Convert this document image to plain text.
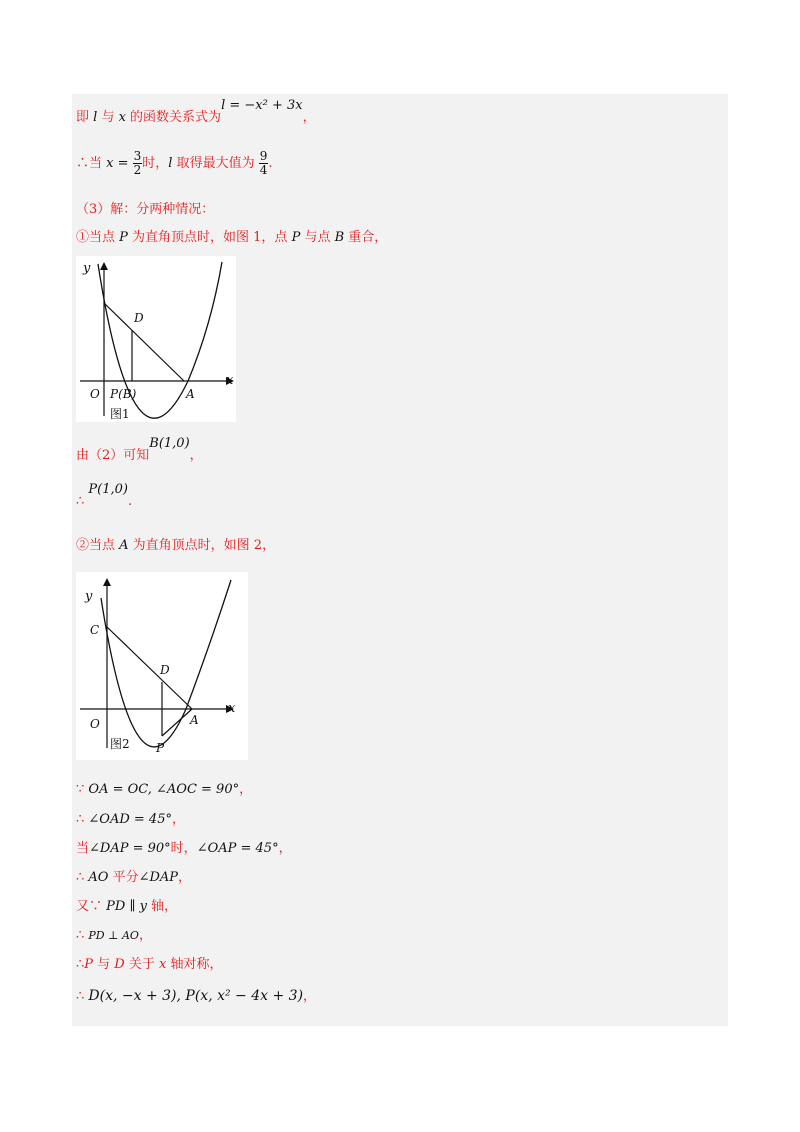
即 l 与 x 的函数关系式为l = −x² + 3x，
∴当 $x = \frac{3}{2}$ 时，l 取得最大值为 $\frac{9}{4}$ .
（3）解：分两种情况：
①当点 P 为直角顶点时，如图 1，点 P 与点 B 重合，
y
x
O P(B)	A
D
图1
由（2）可知B(1,0)，
∴ P(1,0).
②当点 A 为直角顶点时，如图 2，
y
x
O
C
D
A
P
图2
∵ OA = OC, ∠AOC = 90°，
∴ ∠OAD = 45°，
当∠DAP = 90°时，∠OAP = 45°，
∴ AO 平分∠DAP，
又∵ PD ∥ y 轴，
∴ PD ⊥ AO，
∴P 与 D 关于 x 轴对称，
∴ D(x, −x + 3), P(x, x² − 4x + 3)，
